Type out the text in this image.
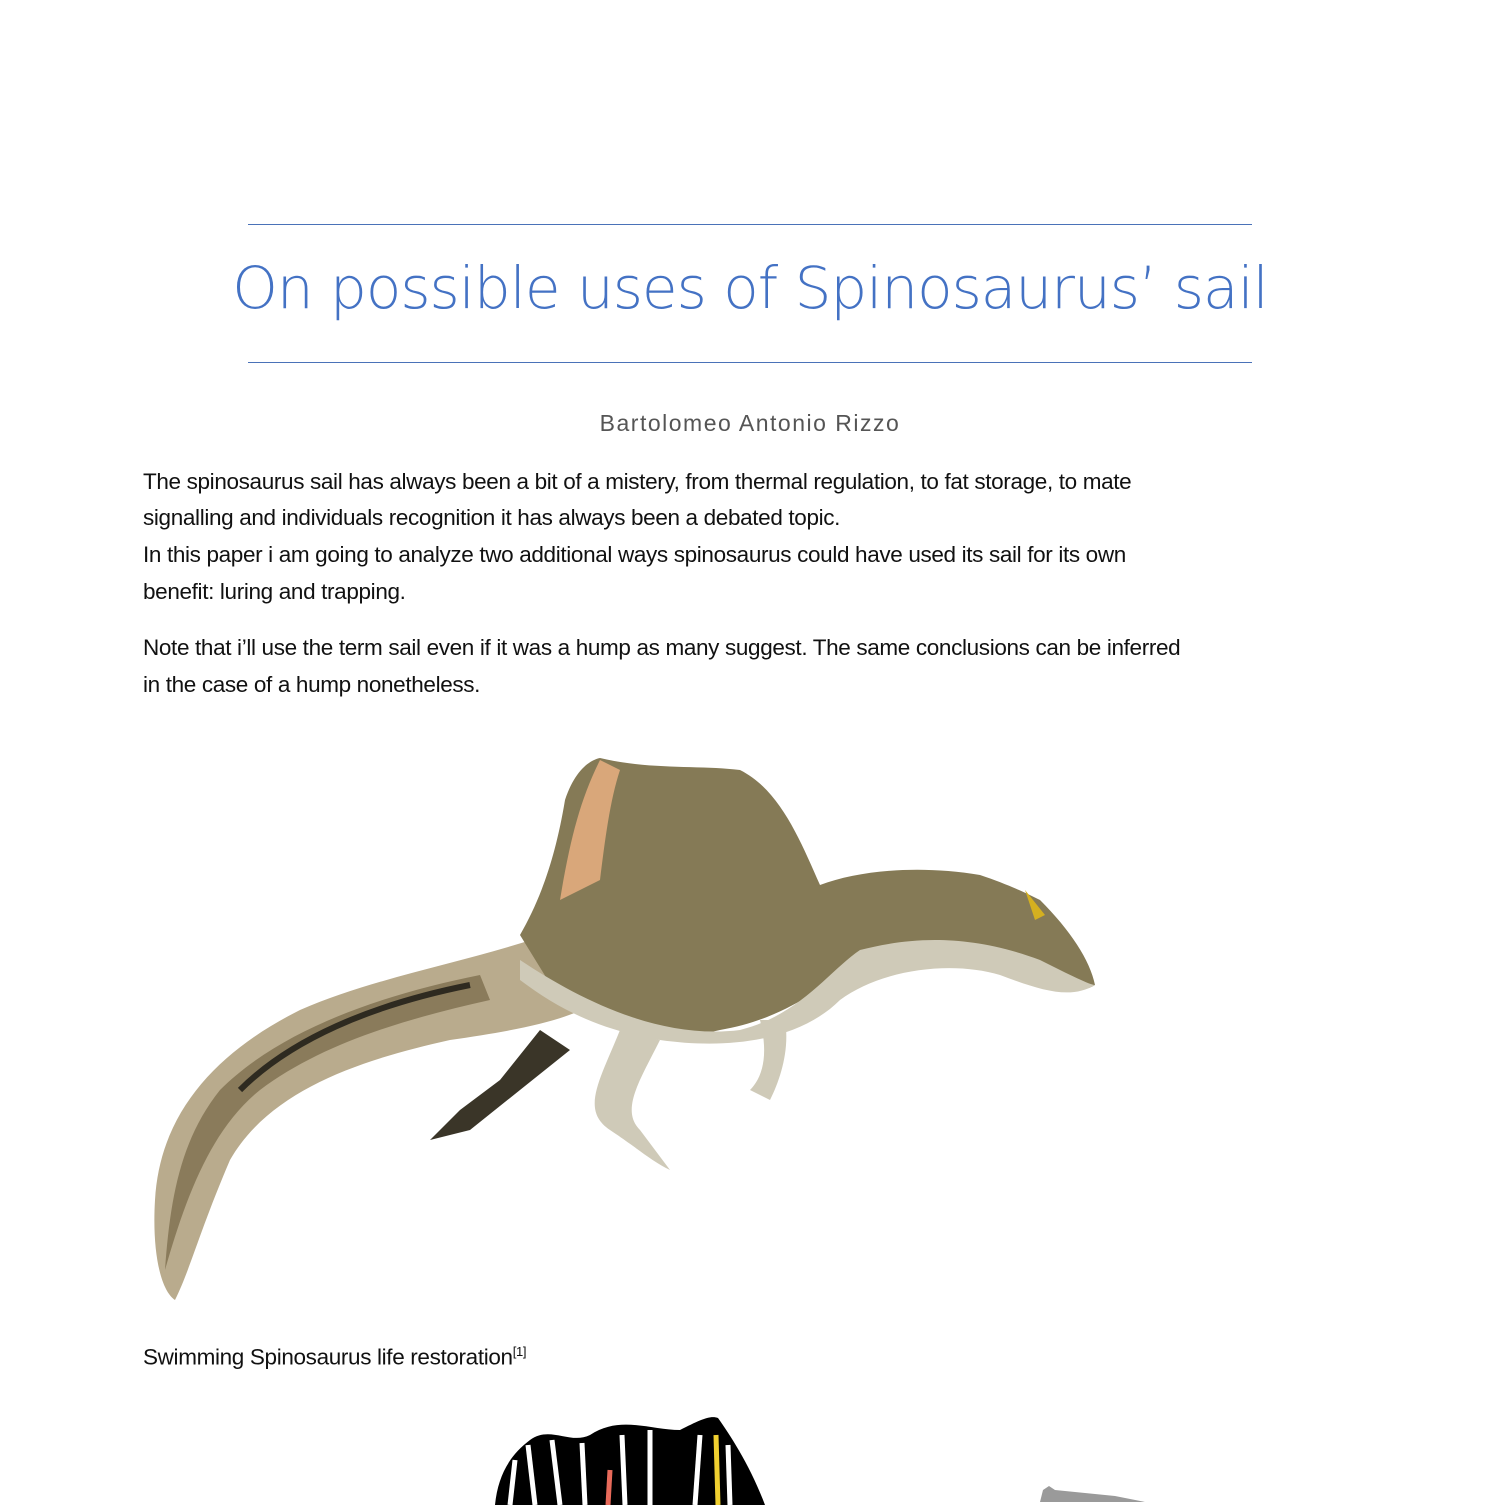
On possible uses of Spinosaurus’ sail
Bartolomeo Antonio Rizzo
The spinosaurus sail has always been a bit of a mistery, from thermal regulation, to fat storage, to mate
signalling and individuals recognition it has always been a debated topic.
In this paper i am going to analyze two additional ways spinosaurus could have used its sail for its own
benefit: luring and trapping.
Note that i’ll use the term sail even if it was a hump as many suggest. The same conclusions can be inferred
in the case of a hump nonetheless.
Swimming Spinosaurus life restoration[1]
